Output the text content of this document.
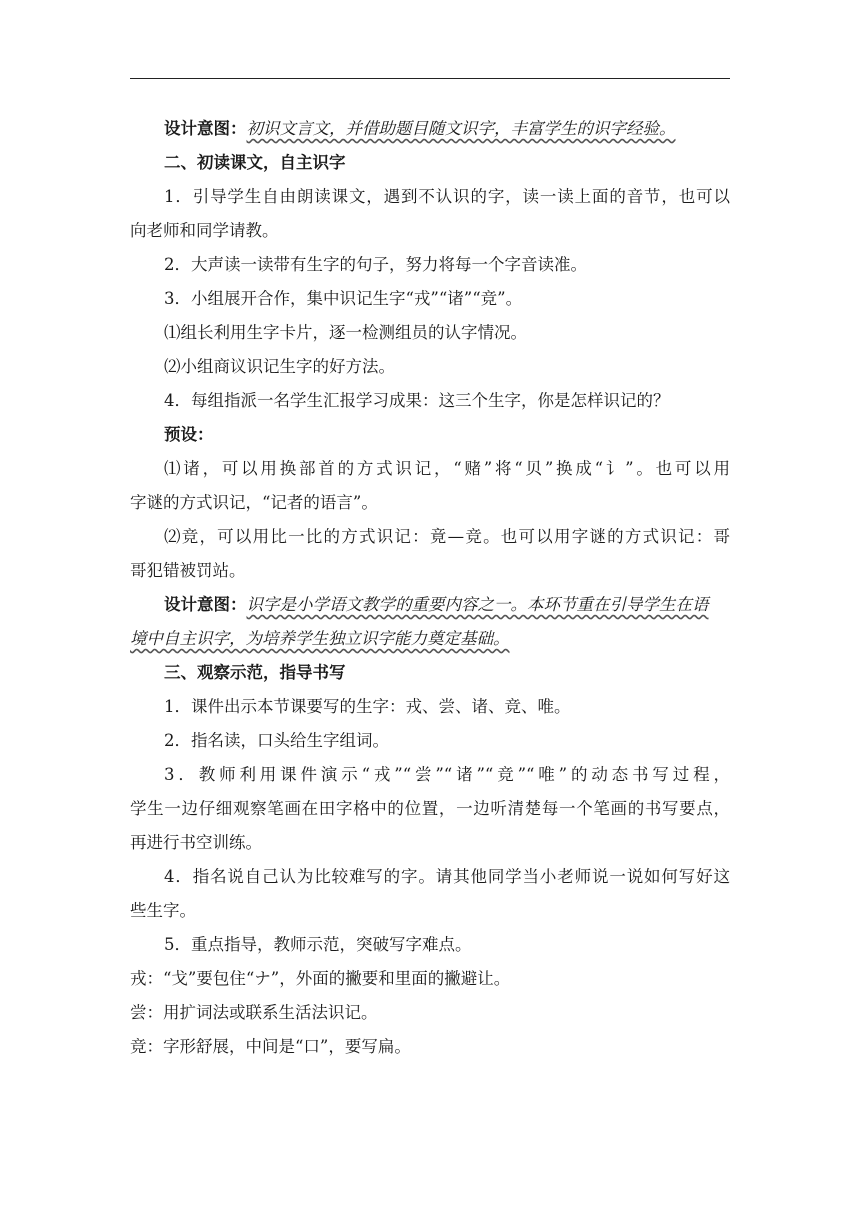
设计意图：初识文言文，并借助题目随文识字，丰富学生的识字经验。
二、初读课文，自主识字
1．引导学生自由朗读课文，遇到不认识的字，读一读上面的音节，也可以
向老师和同学请教。
2．大声读一读带有生字的句子，努力将每一个字音读准。
3．小组展开合作，集中识记生字“戎”“诸”“竞”。
⑴组长利用生字卡片，逐一检测组员的认字情况。
⑵小组商议识记生字的好方法。
4．每组指派一名学生汇报学习成果：这三个生字，你是怎样识记的？
预设：
⑴诸，可以用换部首的方式识记，“赌”将“贝”换成“讠”。也可以用
字谜的方式识记，“记者的语言”。
⑵竞，可以用比一比的方式识记：竟—竞。也可以用字谜的方式识记：哥
哥犯错被罚站。
设计意图：识字是小学语文教学的重要内容之一。本环节重在引导学生在语
境中自主识字，为培养学生独立识字能力奠定基础。
三、观察示范，指导书写
1．课件出示本节课要写的生字：戎、尝、诸、竞、唯。
2．指名读，口头给生字组词。
3．教师利用课件演示“戎”“尝”“诸”“竞”“唯”的动态书写过程，
学生一边仔细观察笔画在田字格中的位置，一边听清楚每一个笔画的书写要点，
再进行书空训练。
4．指名说自己认为比较难写的字。请其他同学当小老师说一说如何写好这
些生字。
5．重点指导，教师示范，突破写字难点。
戎：“戈”要包住“ナ”，外面的撇要和里面的撇避让。
尝：用扩词法或联系生活法识记。
竞：字形舒展，中间是“口”，要写扁。
